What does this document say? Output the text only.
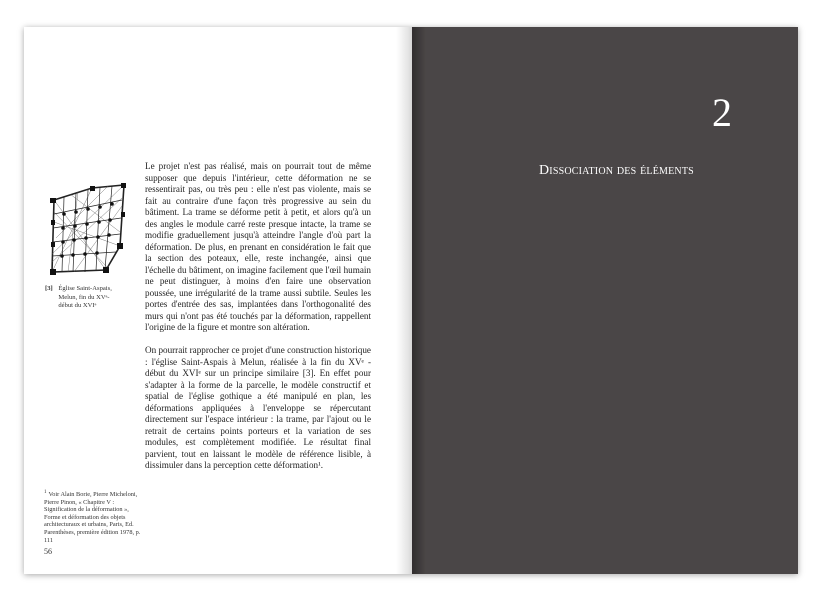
[3] Église Saint-Aspais,
Melun, fin du XVᵉ-
début du XVIᵉ

Le projet n'est pas réalisé, mais on pourrait tout de même supposer que depuis l'intérieur, cette déformation ne se ressentirait pas, ou très peu : elle n'est pas violente, mais se fait au contraire d'une façon très progressive au sein du bâtiment. La trame se déforme petit à petit, et alors qu'à un des angles le module carré reste presque intacte, la trame se modifie graduellement jusqu'à atteindre l'angle d'où part la déformation. De plus, en prenant en considération le fait que la section des poteaux, elle, reste inchangée, ainsi que l'échelle du bâtiment, on imagine facilement que l'œil humain ne peut distinguer, à moins d'en faire une observation poussée, une irrégularité de la trame aussi subtile. Seules les portes d'entrée des sas, implantées dans l'orthogonalité des murs qui n'ont pas été touchés par la déformation, rappellent l'origine de la figure et montre son altération.

On pourrait rapprocher ce projet d'une construction historique : l'église Saint-Aspais à Melun, réalisée à la fin du XVᵉ - début du XVIᵉ sur un principe similaire [3]. En effet pour s'adapter à la forme de la parcelle, le modèle constructif et spatial de l'église gothique a été manipulé en plan, les déformations appliquées à l'enveloppe se répercutant directement sur l'espace intérieur : la trame, par l'ajout ou le retrait de certains points porteurs et la variation de ses modules, est complètement modifiée. Le résultat final parvient, tout en laissant le modèle de référence lisible, à dissimuler dans la perception cette déformation¹.

$^1$ Voir Alain Borie, Pierre Micheloni, Pierre Pinon, « Chapitre V : Signification de la déformation », Forme et déformation des objets architecturaux et urbains, Paris, Ed. Parenthèses, première édition 1978, p. 111
56
2
Dissociation des éléments
